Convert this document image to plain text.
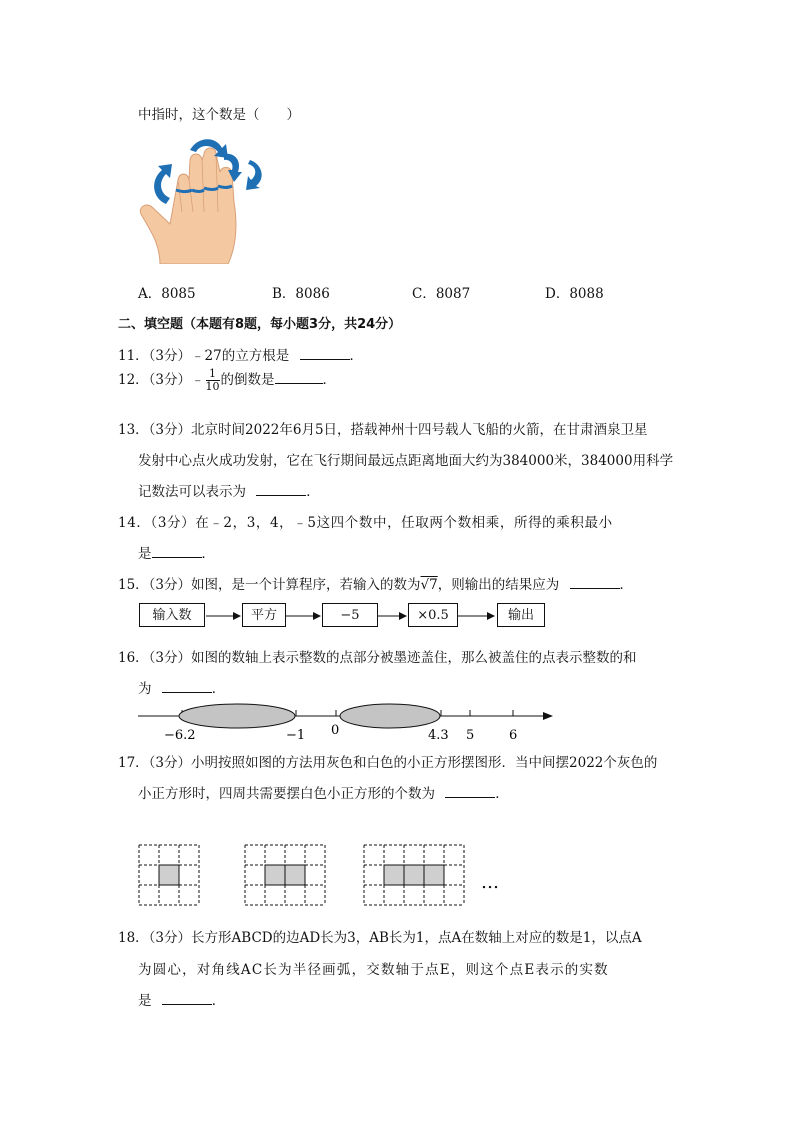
中指时，这个数是（　　）
A．8085	B．8086	C．8087	D．8088
二、填空题（本题有8题，每小题3分，共24分）
11．（3分）﹣27的立方根是	．
12．（3分）﹣ $\frac{1}{10}$ 的倒数是	．
13．（3分）北京时间2022年6月5日，搭载神州十四号载人飞船的火箭，在甘肃酒泉卫星
发射中心点火成功发射，它在飞行期间最远点距离地面大约为384000米，384000用科学
记数法可以表示为	．
14．（3分）在﹣2，3，4，﹣5这四个数中，任取两个数相乘，所得的乘积最小
是	．
15．（3分）如图，是一个计算程序，若输入的数为√7，则输出的结果应为	．
输入数	平方	−5	×0.5	输出
16．（3分）如图的数轴上表示整数的点部分被墨迹盖住，那么被盖住的点表示整数的和
为	．
−6.2	−1 0	4.3 5	6
17．（3分）小明按照如图的方法用灰色和白色的小正方形摆图形．当中间摆2022个灰色的
小正方形时，四周共需要摆白色小正方形的个数为	．
…
18．（3分）长方形ABCD的边AD长为3，AB长为1，点A在数轴上对应的数是1，以点A
为圆心，对角线AC长为半径画弧，交数轴于点E，则这个点E表示的实数
是	．
